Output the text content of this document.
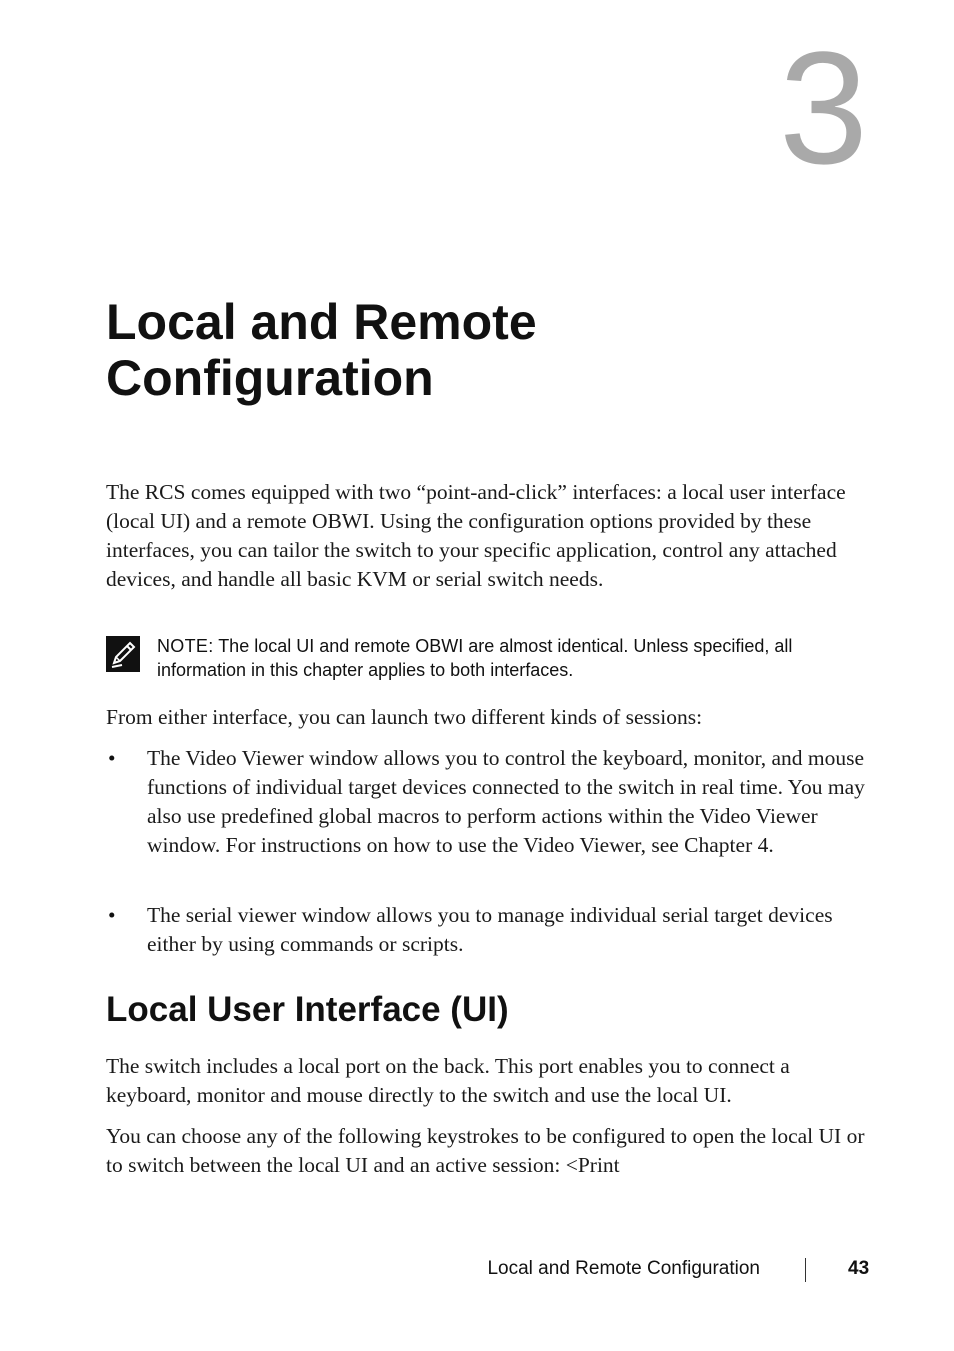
3
Local and Remote
Configuration

The RCS comes equipped with two “point-and-click” interfaces: a local user interface (local UI) and a remote OBWI. Using the configuration options provided by these interfaces, you can tailor the switch to your specific application, control any attached devices, and handle all basic KVM or serial switch needs.

NOTE: The local UI and remote OBWI are almost identical. Unless specified, all information in this chapter applies to both interfaces.

From either interface, you can launch two different kinds of sessions:

• The Video Viewer window allows you to control the keyboard, monitor, and mouse functions of individual target devices connected to the switch in real time. You may also use predefined global macros to perform actions within the Video Viewer window. For instructions on how to use the Video Viewer, see Chapter 4.
• The serial viewer window allows you to manage individual serial target devices either by using commands or scripts.
Local User Interface (UI)

The switch includes a local port on the back. This port enables you to connect a keyboard, monitor and mouse directly to the switch and use the local UI.

You can choose any of the following keystrokes to be configured to open the local UI or to switch between the local UI and an active session: <Print

Local and Remote Configuration	43
